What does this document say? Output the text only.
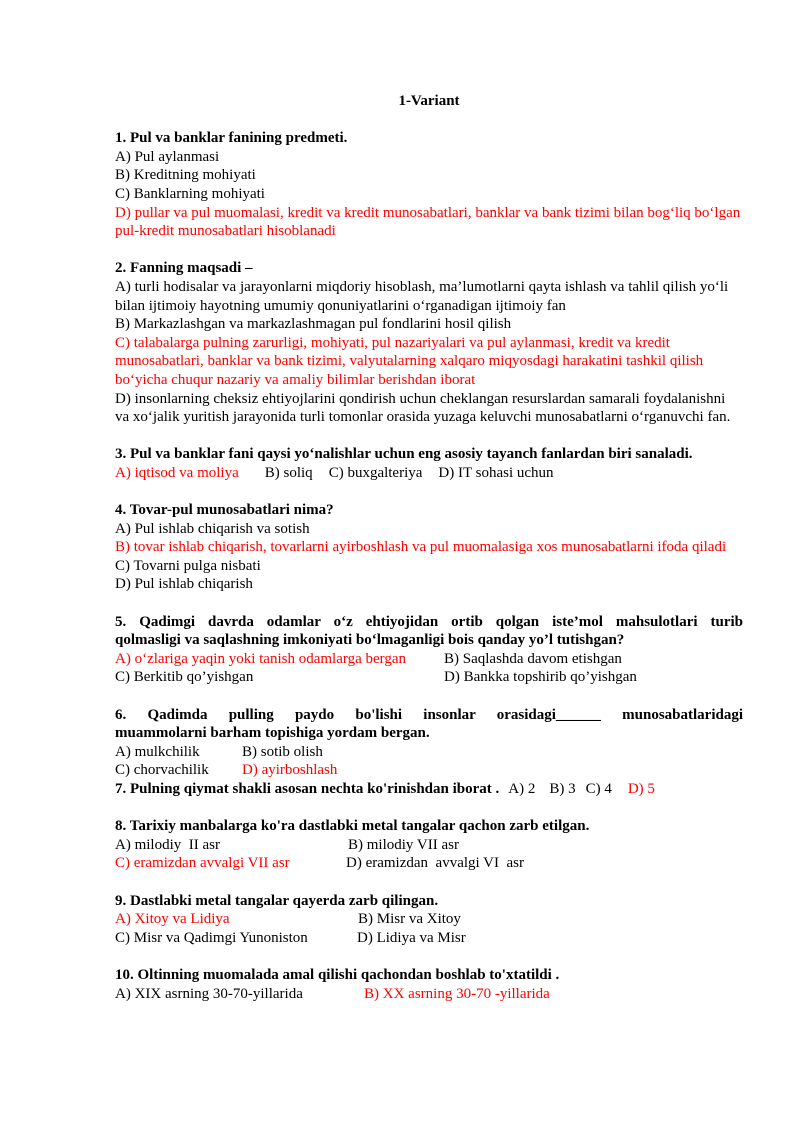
1-Variant

1. Pul va banklar fanining predmeti.

A) Pul aylanmasi

B) Kreditning mohiyati

C) Banklarning mohiyati

D) pullar va pul muomalasi, kredit va kredit munosabatlari, banklar va bank tizimi bilan bog‘liq bo‘lgan pul-kredit munosabatlari hisoblanadi

2. Fanning maqsadi –

A) turli hodisalar va jarayonlarni miqdoriy hisoblash, ma’lumotlarni qayta ishlash va tahlil qilish yo‘li bilan ijtimoiy hayotning umumiy qonuniyatlarini o‘rganadigan ijtimoiy fan

B) Markazlashgan va markazlashmagan pul fondlarini hosil qilish

C) talabalarga pulning zarurligi, mohiyati, pul nazariyalari va pul aylanmasi, kredit va kredit munosabatlari, banklar va bank tizimi, valyutalarning xalqaro miqyosdagi harakatini tashkil qilish bo‘yicha chuqur nazariy va amaliy bilimlar berishdan iborat

D) insonlarning cheksiz ehtiyojlarini qondirish uchun cheklangan resurslardan samarali foydalanishni va xo‘jalik yuritish jarayonida turli tomonlar orasida yuzaga keluvchi munosabatlarni o‘rganuvchi fan.

3. Pul va banklar fani qaysi yo‘nalishlar uchun eng asosiy tayanch fanlardan biri sanaladi.

A) iqtisod va moliya B) soliq C) buxgalteriya D) IT sohasi uchun

4. Tovar-pul munosabatlari nima?

A) Pul ishlab chiqarish va sotish

B) tovar ishlab chiqarish, tovarlarni ayirboshlash va pul muomalasiga xos munosabatlarni ifoda qiladi

C) Tovarni pulga nisbati

D) Pul ishlab chiqarish

5. Qadimgi davrda odamlar o‘z ehtiyojidan ortib qolgan iste’mol mahsulotlari turib

qolmasligi va saqlashning imkoniyati bo‘lmaganligi bois qanday yo’l tutishgan?

A) o‘zlariga yaqin yoki tanish odamlarga bergan	B) Saqlashda davom etishgan
C) Berkitib qo’yishgan	D) Bankka topshirib qo’yishgan

6. Qadimda pulling paydo bo'lishi insonlar orasidagi______ munosabatlaridagi

muammolarni barham topishiga yordam bergan.

A) mulkchilik	B) sotib olish
C) chorvachilik	D) ayirboshlash
7. Pulning qiymat shakli asosan nechta ko'rinishdan iborat . A) 2 B) 3 C) 4 D) 5

8. Tarixiy manbalarga ko'ra dastlabki metal tangalar qachon zarb etilgan.

A) milodiy  II asr	B) milodiy VII asr
C) eramizdan avvalgi VII asr	D) eramizdan  avvalgi VI  asr

9. Dastlabki metal tangalar qayerda zarb qilingan.

A) Xitoy va Lidiya	B) Misr va Xitoy
C) Misr va Qadimgi Yunoniston	D) Lidiya va Misr

10. Oltinning muomalada amal qilishi qachondan boshlab to'xtatildi .

A) XIX asrning 30-70-yillarida	B) XX asrning 30-70 -yillarida
